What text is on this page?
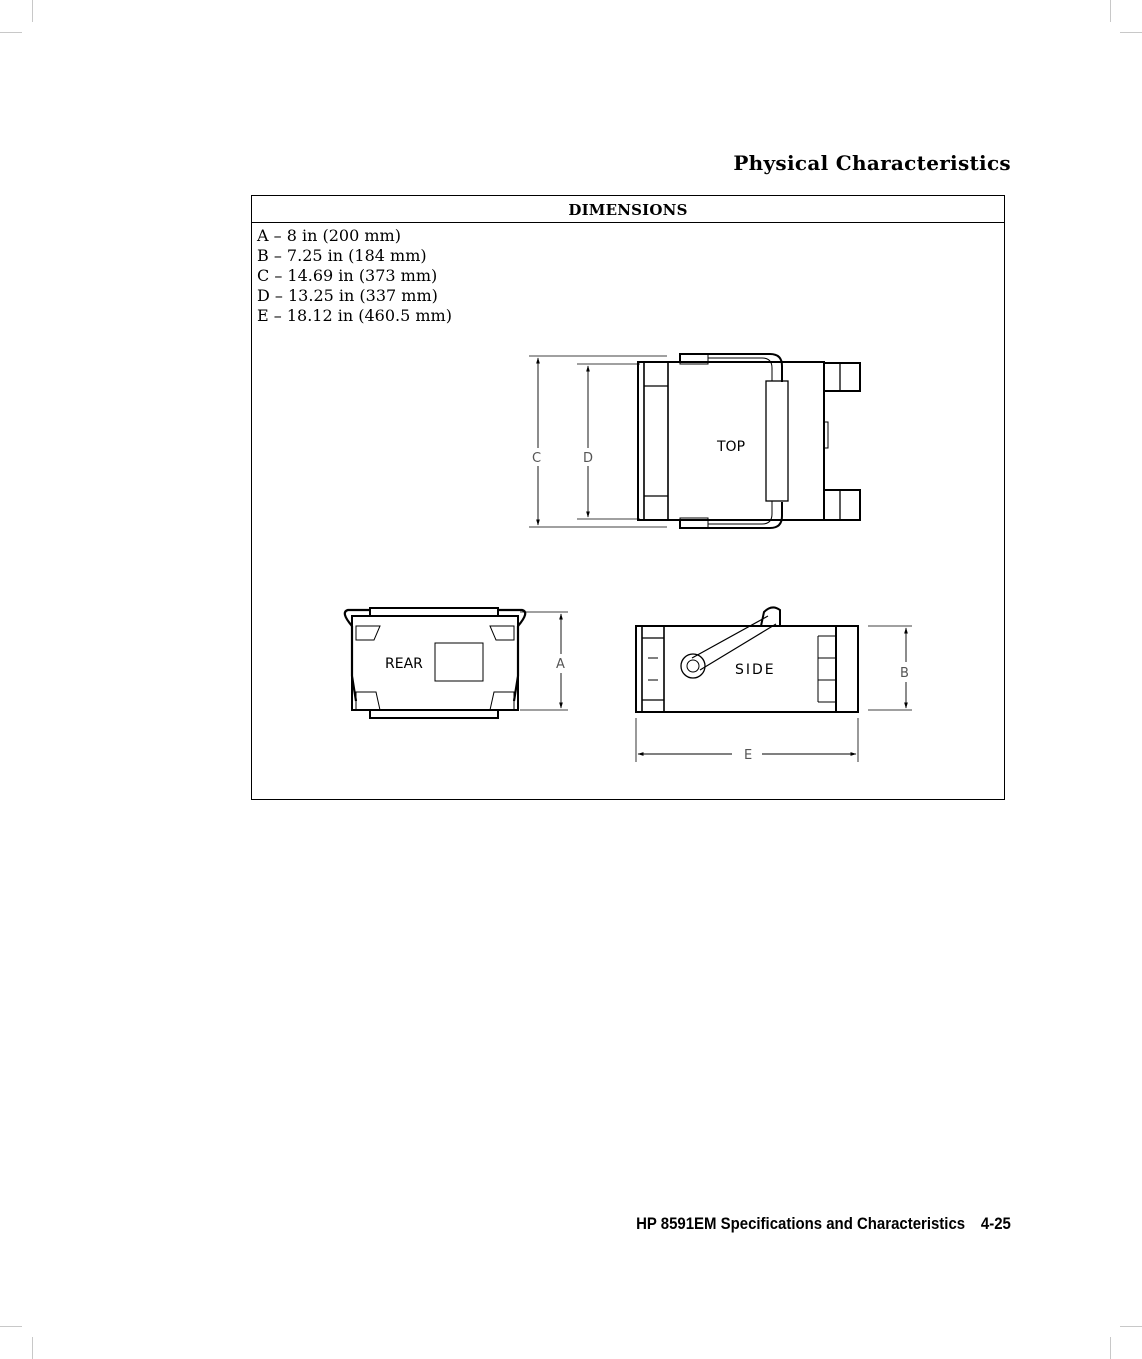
Physical Characteristics
DIMENSIONS
A – 8 in (200 mm)
B – 7.25 in (184 mm)
C – 14.69 in (373 mm)
D – 13.25 in (337 mm)
E – 18.12 in (460.5 mm)
TOP
REAR	SIDE
C	D
A
B
E
HP 8591EM Specifications and Characteristics 4-25
